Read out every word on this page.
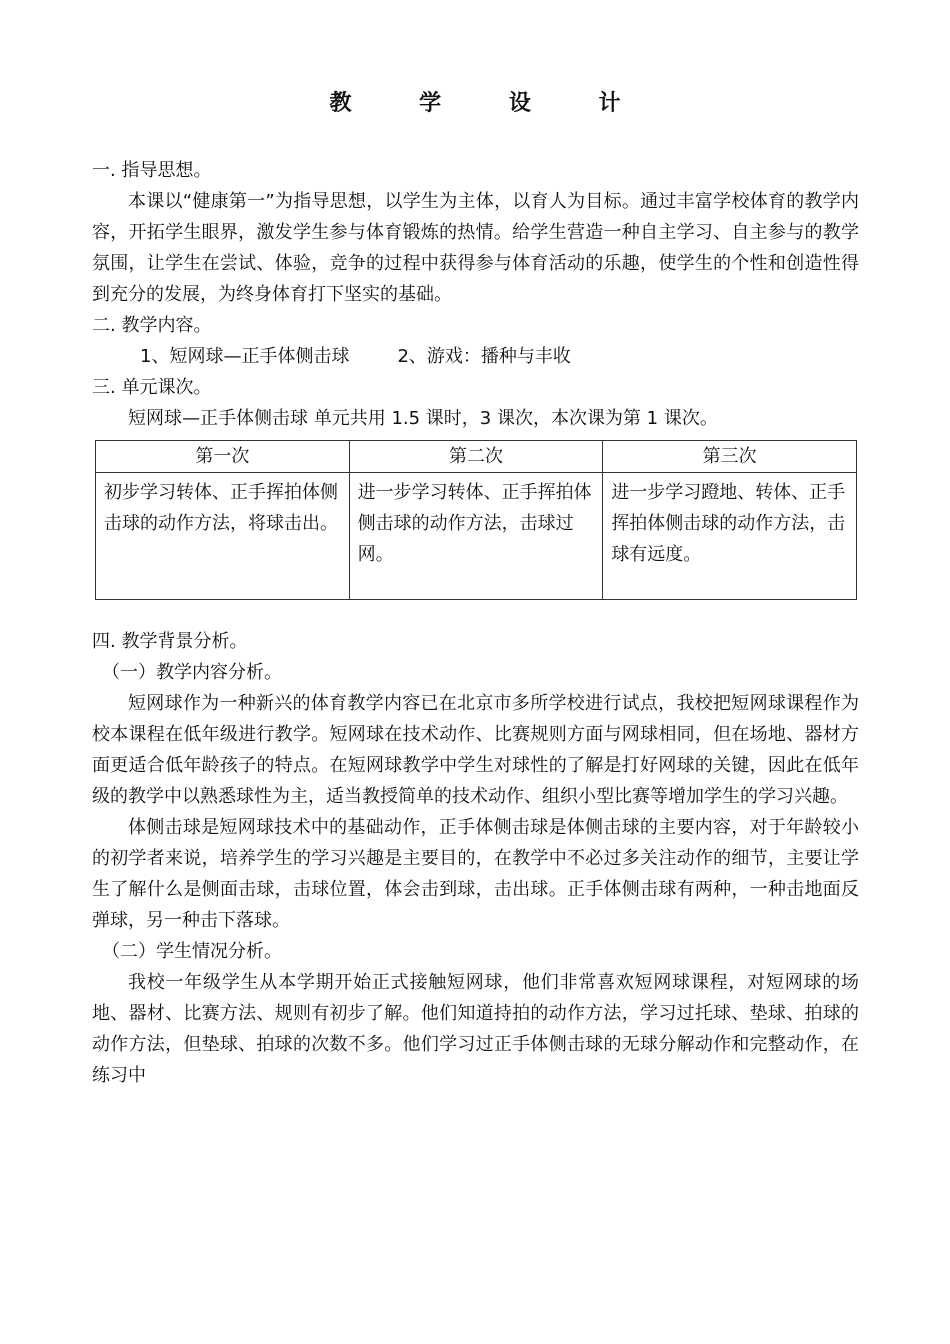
教 学 设 计

一. 指导思想。

本课以“健康第一”为指导思想，以学生为主体，以育人为目标。通过丰富学校体育的教学内容，开拓学生眼界，激发学生参与体育锻炼的热情。给学生营造一种自主学习、自主参与的教学氛围，让学生在尝试、体验，竞争的过程中获得参与体育活动的乐趣，使学生的个性和创造性得到充分的发展，为终身体育打下坚实的基础。

二. 教学内容。

1、短网球—正手体侧击球	2、游戏：播种与丰收

三. 单元课次。

短网球—正手体侧击球 单元共用 1.5 课时，3 课次，本次课为第 1 课次。

第一次	第二次	第三次
初步学习转体、正手挥拍体侧击球的动作方法，将球击出。	进一步学习转体、正手挥拍体侧击球的动作方法，击球过网。	进一步学习蹬地、转体、正手挥拍体侧击球的动作方法，击球有远度。

四. 教学背景分析。

（一）教学内容分析。

短网球作为一种新兴的体育教学内容已在北京市多所学校进行试点，我校把短网球课程作为校本课程在低年级进行教学。短网球在技术动作、比赛规则方面与网球相同，但在场地、器材方面更适合低年龄孩子的特点。在短网球教学中学生对球性的了解是打好网球的关键，因此在低年级的教学中以熟悉球性为主，适当教授简单的技术动作、组织小型比赛等增加学生的学习兴趣。

体侧击球是短网球技术中的基础动作，正手体侧击球是体侧击球的主要内容，对于年龄较小的初学者来说，培养学生的学习兴趣是主要目的，在教学中不必过多关注动作的细节，主要让学生了解什么是侧面击球，击球位置，体会击到球，击出球。正手体侧击球有两种，一种击地面反弹球，另一种击下落球。

（二）学生情况分析。

我校一年级学生从本学期开始正式接触短网球，他们非常喜欢短网球课程，对短网球的场地、器材、比赛方法、规则有初步了解。他们知道持拍的动作方法，学习过托球、垫球、拍球的动作方法，但垫球、拍球的次数不多。他们学习过正手体侧击球的无球分解动作和完整动作，在练习中
